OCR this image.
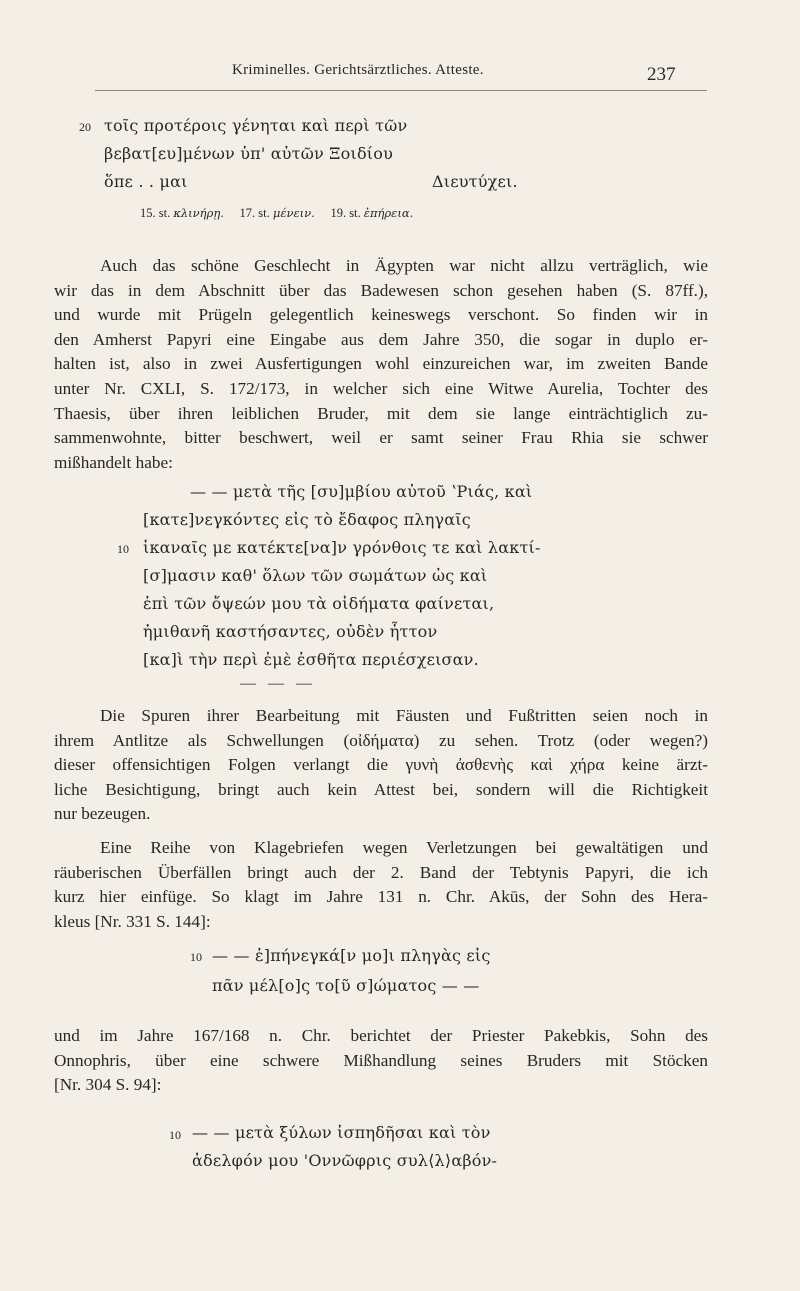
Kriminelles. Gerichtsärztliches. Atteste.	237
20 τοῖς προτέροις γένηται καὶ περὶ τῶν
βεβατ[ευ]μένων ὑπ' αὐτῶν Ξοιδίου
ὅπε . . μαι	Διευτύχει.
15. st. κλινήρῃ. 17. st. μένειν. 19. st. ἐπήρεια.
Auch das schöne Geschlecht in Ägypten war nicht allzu verträglich, wie
wir das in dem Abschnitt über das Badewesen schon gesehen haben (S. 87ff.),
und wurde mit Prügeln gelegentlich keineswegs verschont. So finden wir in
den Amherst Papyri eine Eingabe aus dem Jahre 350, die sogar in duplo er-
halten ist, also in zwei Ausfertigungen wohl einzureichen war, im zweiten Bande
unter Nr. CXLI, S. 172/173, in welcher sich eine Witwe Aurelia, Tochter des
Thaesis, über ihren leiblichen Bruder, mit dem sie lange einträchtiglich zu-
sammenwohnte, bitter beschwert, weil er samt seiner Frau Rhia sie schwer
mißhandelt habe:
— — μετὰ τῆς [συ]μβίου αὐτοῦ ʽΡιάς, καὶ
[κατε]νεγκόντες εἰς τὸ ἔδαφος πληγαῖς
10 ἱκαναῖς με κατέκτε[να]ν γρόνθοις τε καὶ λακτί-
[σ]μασιν καθ' ὅλων τῶν σωμάτων ὡς καὶ
ἐπὶ τῶν ὄψεών μου τὰ οἰδήματα φαίνεται,
ἡμιθανῆ καστήσαντες, οὐδὲν ἧττον
[κα]ὶ τὴν περὶ ἐμὲ ἐσθῆτα περιέσχεισαν.
— — —
Die Spuren ihrer Bearbeitung mit Fäusten und Fußtritten seien noch in
ihrem Antlitze als Schwellungen (οἰδήματα) zu sehen. Trotz (oder wegen?)
dieser offensichtigen Folgen verlangt die γυνὴ ἀσθενὴς καὶ χήρα keine ärzt-
liche Besichtigung, bringt auch kein Attest bei, sondern will die Richtigkeit
nur bezeugen.
Eine Reihe von Klagebriefen wegen Verletzungen bei gewaltätigen und
räuberischen Überfällen bringt auch der 2. Band der Tebtynis Papyri, die ich
kurz hier einfüge. So klagt im Jahre 131 n. Chr. Akūs, der Sohn des Hera-
kleus [Nr. 331 S. 144]:
10 — — ἐ]πήνεγκά[ν μο]ι πληγὰς εἰς
πᾶν μέλ[ο]ς το[ῦ σ]ώματος — —
und im Jahre 167/168 n. Chr. berichtet der Priester Pakebkis, Sohn des
Onnophris, über eine schwere Mißhandlung seines Bruders mit Stöcken
[Nr. 304 S. 94]:
10 — — μετὰ ξύλων ἰσπηδῆσαι καὶ τὸν
ἀδελφόν μου 'Οννῶφρις συλ⟨λ⟩αβόν-
